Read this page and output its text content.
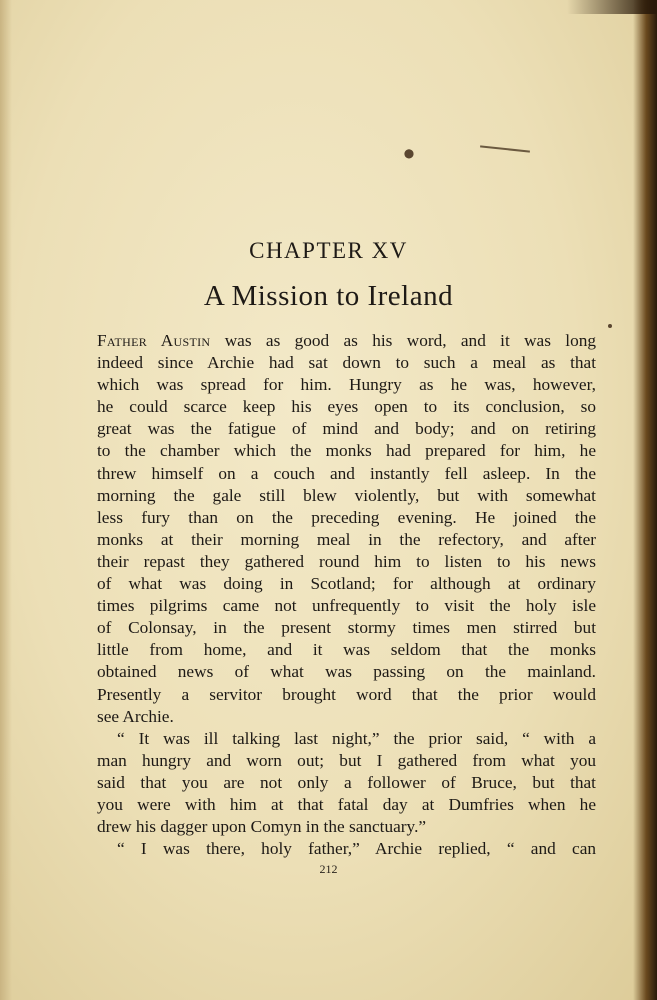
●
CHAPTER XV
A Mission to Ireland
Father Austin was as good as his word, and it was long
indeed since Archie had sat down to such a meal as that
which was spread for him. Hungry as he was, however,
he could scarce keep his eyes open to its conclusion, so
great was the fatigue of mind and body; and on retiring
to the chamber which the monks had prepared for him, he
threw himself on a couch and instantly fell asleep. In the
morning the gale still blew violently, but with somewhat
less fury than on the preceding evening. He joined the
monks at their morning meal in the refectory, and after
their repast they gathered round him to listen to his news
of what was doing in Scotland; for although at ordinary
times pilgrims came not unfrequently to visit the holy isle
of Colonsay, in the present stormy times men stirred but
little from home, and it was seldom that the monks
obtained news of what was passing on the mainland.
Presently a servitor brought word that the prior would
see Archie.
“ It was ill talking last night,” the prior said, “ with a
man hungry and worn out; but I gathered from what you
said that you are not only a follower of Bruce, but that
you were with him at that fatal day at Dumfries when he
drew his dagger upon Comyn in the sanctuary.”
“ I was there, holy father,” Archie replied, “ and can
212
